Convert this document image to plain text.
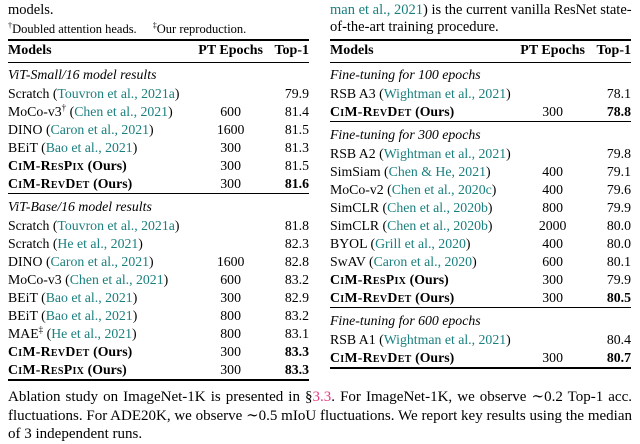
models.
†Doubled attention heads. ‡Our reproduction.
Models	PT Epochs	Top-1
ViT-Small/16 model results		
Scratch (Touvron et al., 2021a)		79.9
MoCo-v3† (Chen et al., 2021)	600	81.4
DINO (Caron et al., 2021)	1600	81.5
BEiT (Bao et al., 2021)	300	81.3
CiM-ResPix (Ours)	300	81.5
CiM-RevDet (Ours)	300	81.6
ViT-Base/16 model results		
Scratch (Touvron et al., 2021a)		81.8
Scratch (He et al., 2021)		82.3
DINO (Caron et al., 2021)	1600	82.8
MoCo-v3 (Chen et al., 2021)	600	83.2
BEiT (Bao et al., 2021)	300	82.9
BEiT (Bao et al., 2021)	800	83.2
MAE‡ (He et al., 2021)	800	83.1
CiM-RevDet (Ours)	300	83.3
CiM-ResPix (Ours)	300	83.3
man et al., 2021) is the current vanilla ResNet state-
of-the-art training procedure.
Models	PT Epochs	Top-1
Fine-tuning for 100 epochs		
RSB A3 (Wightman et al., 2021)		78.1
CiM-RevDet (Ours)	300	78.8
Fine-tuning for 300 epochs		
RSB A2 (Wightman et al., 2021)		79.8
SimSiam (Chen & He, 2021)	400	79.1
MoCo-v2 (Chen et al., 2020c)	400	79.6
SimCLR (Chen et al., 2020b)	800	79.9
SimCLR (Chen et al., 2020b)	2000	80.0
BYOL (Grill et al., 2020)	400	80.0
SwAV (Caron et al., 2020)	600	80.1
CiM-ResPix (Ours)	300	79.9
CiM-RevDet (Ours)	300	80.5
Fine-tuning for 600 epochs		
RSB A1 (Wightman et al., 2021)		80.4
CiM-RevDet (Ours)	300	80.7

Ablation study on ImageNet-1K is presented in §3.3. For ImageNet-1K, we observe ∼0.2 Top-1 acc. fluctuations. For ADE20K, we observe ∼0.5 mIoU fluctuations. We report key results using the median of 3 independent runs.
